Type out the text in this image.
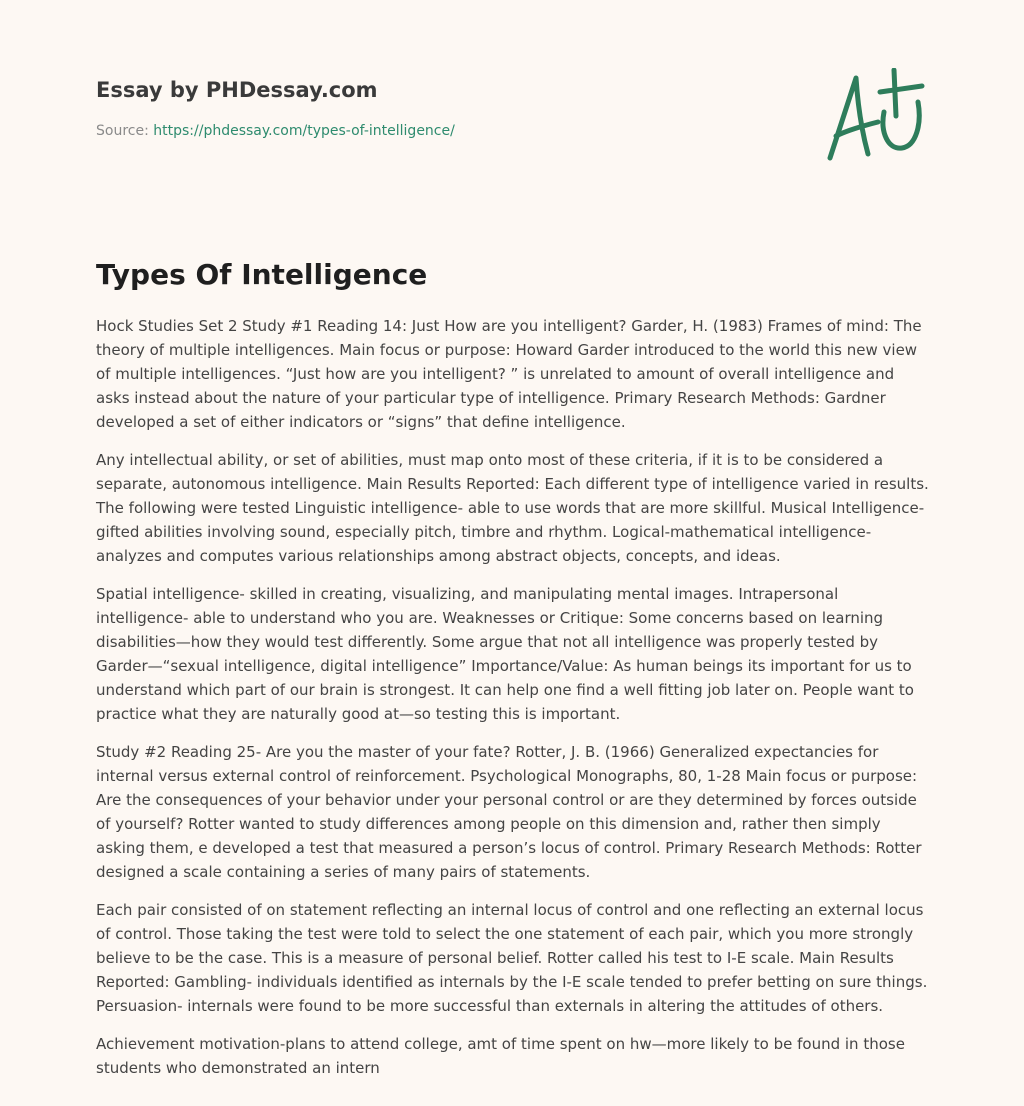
Essay by PHDessay.com

Source: https://phdessay.com/types-of-intelligence/
Types Of Intelligence

Hock Studies Set 2 Study #1 Reading 14: Just How are you intelligent? Garder, H. (1983) Frames of mind: The theory of multiple intelligences. Main focus or purpose: Howard Garder introduced to the world this new view of multiple intelligences. “Just how are you intelligent? ” is unrelated to amount of overall intelligence and asks instead about the nature of your particular type of intelligence. Primary Research Methods: Gardner developed a set of either indicators or “signs” that define intelligence.

Any intellectual ability, or set of abilities, must map onto most of these criteria, if it is to be considered a separate, autonomous intelligence. Main Results Reported: Each different type of intelligence varied in results. The following were tested Linguistic intelligence- able to use words that are more skillful. Musical Intelligence- gifted abilities involving sound, especially pitch, timbre and rhythm. Logical-mathematical intelligence- analyzes and computes various relationships among abstract objects, concepts, and ideas.

Spatial intelligence- skilled in creating, visualizing, and manipulating mental images. Intrapersonal intelligence- able to understand who you are. Weaknesses or Critique: Some concerns based on learning disabilities—how they would test differently. Some argue that not all intelligence was properly tested by Garder—“sexual intelligence, digital intelligence” Importance/Value: As human beings its important for us to understand which part of our brain is strongest. It can help one find a well fitting job later on. People want to practice what they are naturally good at—so testing this is important.

Study #2 Reading 25- Are you the master of your fate? Rotter, J. B. (1966) Generalized expectancies for internal versus external control of reinforcement. Psychological Monographs, 80, 1-28 Main focus or purpose: Are the consequences of your behavior under your personal control or are they determined by forces outside of yourself? Rotter wanted to study differences among people on this dimension and, rather then simply asking them, e developed a test that measured a person’s locus of control. Primary Research Methods: Rotter designed a scale containing a series of many pairs of statements.

Each pair consisted of on statement reflecting an internal locus of control and one reflecting an external locus of control. Those taking the test were told to select the one statement of each pair, which you more strongly believe to be the case. This is a measure of personal belief. Rotter called his test to I-E scale. Main Results Reported: Gambling- individuals identified as internals by the I-E scale tended to prefer betting on sure things. Persuasion- internals were found to be more successful than externals in altering the attitudes of others.

Achievement motivation-plans to attend college, amt of time spent on hw—more likely to be found in those students who demonstrated an intern
